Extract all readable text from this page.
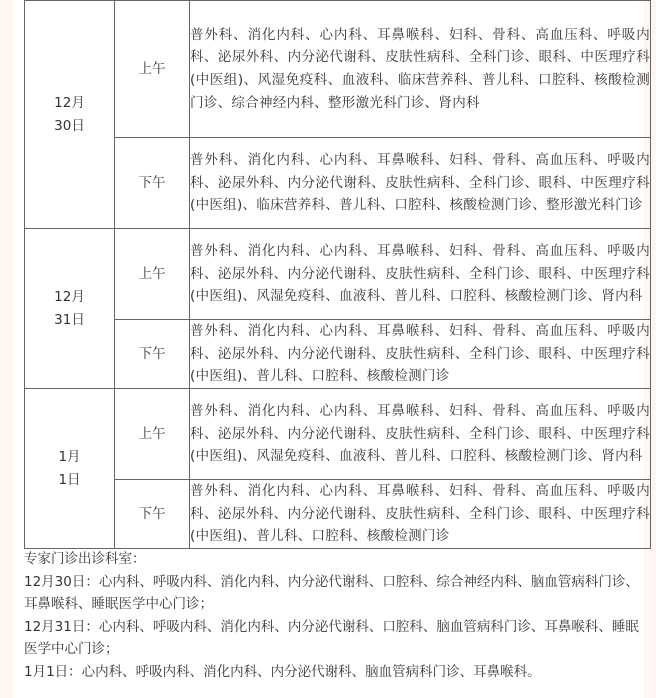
12月
30日	上午	普外科、消化内科、心内科、耳鼻喉科、妇科、骨科、高血压科、呼吸内科、泌尿外科、内分泌代谢科、皮肤性病科、全科门诊、眼科、中医理疗科(中医组)、风湿免疫科、血液科、临床营养科、普儿科、口腔科、核酸检测门诊、综合神经内科、整形激光科门诊、肾内科
	下午	普外科、消化内科、心内科、耳鼻喉科、妇科、骨科、高血压科、呼吸内科、泌尿外科、内分泌代谢科、皮肤性病科、全科门诊、眼科、中医理疗科(中医组)、临床营养科、普儿科、口腔科、核酸检测门诊、整形激光科门诊
12月
31日	上午	普外科、消化内科、心内科、耳鼻喉科、妇科、骨科、高血压科、呼吸内科、泌尿外科、内分泌代谢科、皮肤性病科、全科门诊、眼科、中医理疗科(中医组)、风湿免疫科、血液科、普儿科、口腔科、核酸检测门诊、肾内科
	下午	普外科、消化内科、心内科、耳鼻喉科、妇科、骨科、高血压科、呼吸内科、泌尿外科、内分泌代谢科、皮肤性病科、全科门诊、眼科、中医理疗科(中医组)、普儿科、口腔科、核酸检测门诊
1月
1日	上午	普外科、消化内科、心内科、耳鼻喉科、妇科、骨科、高血压科、呼吸内科、泌尿外科、内分泌代谢科、皮肤性病科、全科门诊、眼科、中医理疗科(中医组)、风湿免疫科、血液科、普儿科、口腔科、核酸检测门诊、肾内科
	下午	普外科、消化内科、心内科、耳鼻喉科、妇科、骨科、高血压科、呼吸内科、泌尿外科、内分泌代谢科、皮肤性病科、全科门诊、眼科、中医理疗科(中医组)、普儿科、口腔科、核酸检测门诊

专家门诊出诊科室：

12月30日：心内科、呼吸内科、消化内科、内分泌代谢科、口腔科、综合神经内科、脑血管病科门诊、耳鼻喉科、睡眠医学中心门诊；

12月31日：心内科、呼吸内科、消化内科、内分泌代谢科、口腔科、脑血管病科门诊、耳鼻喉科、睡眠医学中心门诊；

1月1日：心内科、呼吸内科、消化内科、内分泌代谢科、脑血管病科门诊、耳鼻喉科。
